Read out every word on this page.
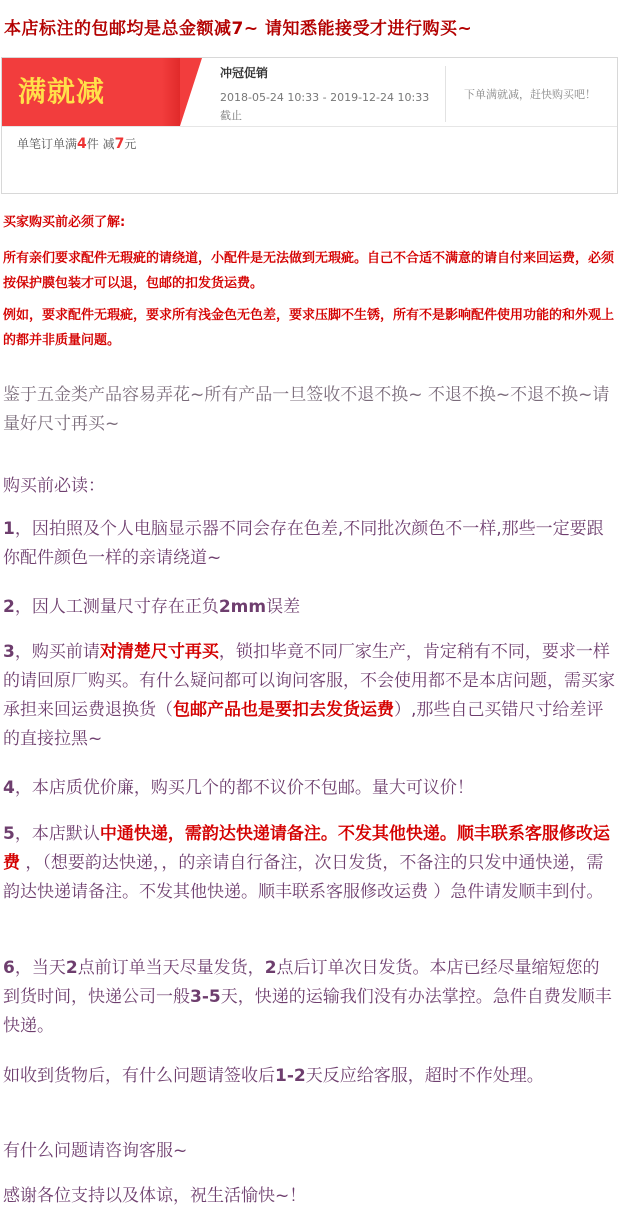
本店标注的包邮均是总金额减7~ 请知悉能接受才进行购买~
满就减
冲冠促销
2018-05-24 10:33 - 2019-12-24 10:33
截止
下单满就减，赶快购买吧！
单笔订单满4件 减7元
买家购买前必须了解:
所有亲们要求配件无瑕疵的请绕道，小配件是无法做到无瑕疵。自己不合适不满意的请自付来回运费，必须按保护膜包装才可以退，包邮的扣发货运费。
例如，要求配件无瑕疵，要求所有浅金色无色差，要求压脚不生锈，所有不是影响配件使用功能的和外观上的都并非质量问题。
鉴于五金类产品容易弄花~所有产品一旦签收不退不换~ 不退不换~不退不换~请量好尺寸再买~
购买前必读：
1，因拍照及个人电脑显示器不同会存在色差,不同批次颜色不一样,那些一定要跟你配件颜色一样的亲请绕道~
2，因人工测量尺寸存在正负2mm误差
3，购买前请对清楚尺寸再买，锁扣毕竟不同厂家生产，肯定稍有不同，要求一样的请回原厂购买。有什么疑问都可以询问客服，不会使用都不是本店问题，需买家承担来回运费退换货（包邮产品也是要扣去发货运费）,那些自己买错尺寸给差评的直接拉黑~
4，本店质优价廉，购买几个的都不议价不包邮。量大可议价！
5，本店默认中通快递，需韵达快递请备注。不发其他快递。顺丰联系客服修改运费 ，（想要韵达快递，，的亲请自行备注，次日发货，不备注的只发中通快递，需韵达快递请备注。不发其他快递。顺丰联系客服修改运费 ）急件请发顺丰到付。
6，当天2点前订单当天尽量发货，2点后订单次日发货。本店已经尽量缩短您的到货时间，快递公司一般3-5天，快递的运输我们没有办法掌控。急件自费发顺丰快递。
如收到货物后，有什么问题请签收后1-2天反应给客服，超时不作处理。
有什么问题请咨询客服~
感谢各位支持以及体谅，祝生活愉快~！
